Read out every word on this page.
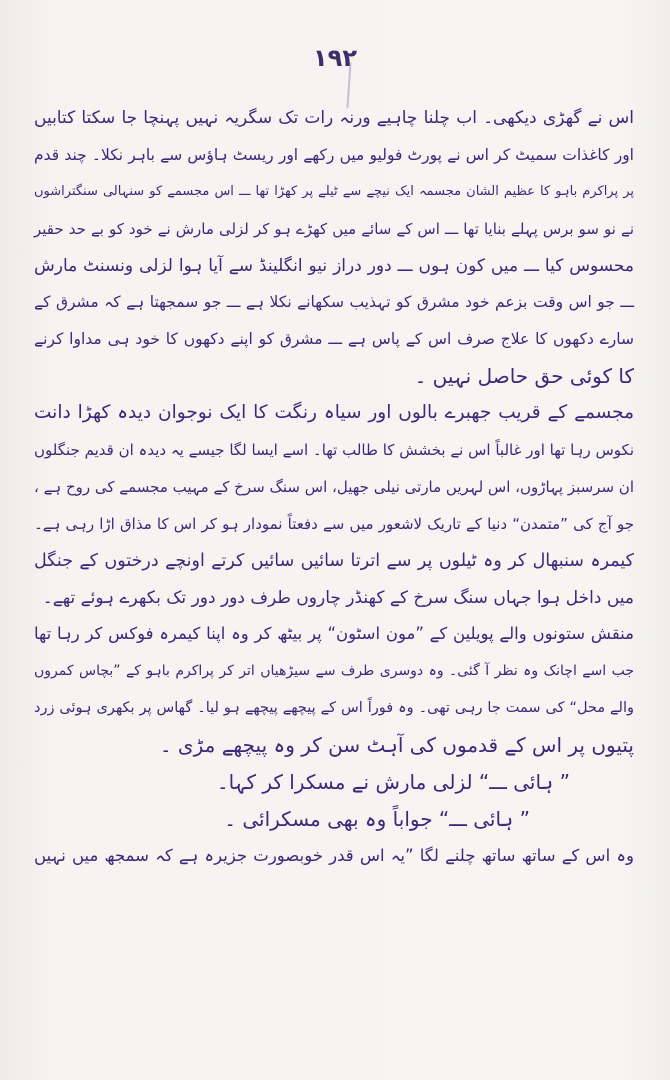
۱۹۲
اس نے گھڑی دیکھی۔ اب چلنا چاہیے ورنہ رات تک سگریہ نہیں پہنچا جا سکتا کتابیں
اور کاغذات سمیٹ کر اس نے پورٹ فولیو میں رکھے اور ریسٹ ہاؤس سے باہر نکلا۔ چند قدم
پر پراکرم باہو کا عظیم الشان مجسمہ ایک نیچے سے ٹیلے پر کھڑا تھا ـــ اس مجسمے کو سنہالی سنگتراشوں
نے نو سو برس پہلے بنایا تھا ـــ اس کے سائے میں کھڑے ہو کر لزلی مارش نے خود کو بے حد حقیر
محسوس کیا ـــ میں کون ہوں ـــ دور دراز نیو انگلینڈ سے آیا ہوا لزلی ونسنٹ مارش
ـــ جو اس وقت بزعم خود مشرق کو تہذیب سکھانے نکلا ہے ـــ جو سمجھتا ہے کہ مشرق کے
سارے دکھوں کا علاج صرف اس کے پاس ہے ـــ مشرق کو اپنے دکھوں کا خود ہی مداوا کرنے
کا کوئی حق حاصل نہیں ۔
مجسمے کے قریب جھبرے بالوں اور سیاہ رنگت کا ایک نوجوان دیدہ کھڑا دانت
نکوس رہا تھا اور غالباً اس نے بخشش کا طالب تھا۔ اسے ایسا لگا جیسے یہ دیدہ ان قدیم جنگلوں
ان سرسبز پہاڑوں، اس لہریں مارتی نیلی جھیل، اس سنگ سرخ کے مہیب مجسمے کی روح ہے ،
جو آج کی ”متمدن“ دنیا کے تاریک لاشعور میں سے دفعتاً نمودار ہو کر اس کا مذاق اڑا رہی ہے۔
کیمرہ سنبھال کر وہ ٹیلوں پر سے اترتا سائیں سائیں کرتے اونچے درختوں کے جنگل
میں داخل ہوا جہاں سنگ سرخ کے کھنڈر چاروں طرف دور دور تک بکھرے ہوئے تھے۔
منقش ستونوں والے پویلین کے ”مون اسٹون“ پر بیٹھ کر وہ اپنا کیمرہ فوکس کر رہا تھا
جب اسے اچانک وہ نظر آ گئی۔ وہ دوسری طرف سے سیڑھیاں اتر کر پراکرم باہو کے ”بچاس کمروں
والے محل“ کی سمت جا رہی تھی۔ وہ فوراً اس کے پیچھے پیچھے ہو لیا۔ گھاس پر بکھری ہوئی زرد
پتیوں پر اس کے قدموں کی آہٹ سن کر وہ پیچھے مڑی ۔
” ہائی ـــ“ لزلی مارش نے مسکرا کر کہا۔
” ہائی ـــ“ جواباً وہ بھی مسکرائی ۔
وہ اس کے ساتھ ساتھ چلنے لگا ”یہ اس قدر خوبصورت جزیرہ ہے کہ سمجھ میں نہیں
